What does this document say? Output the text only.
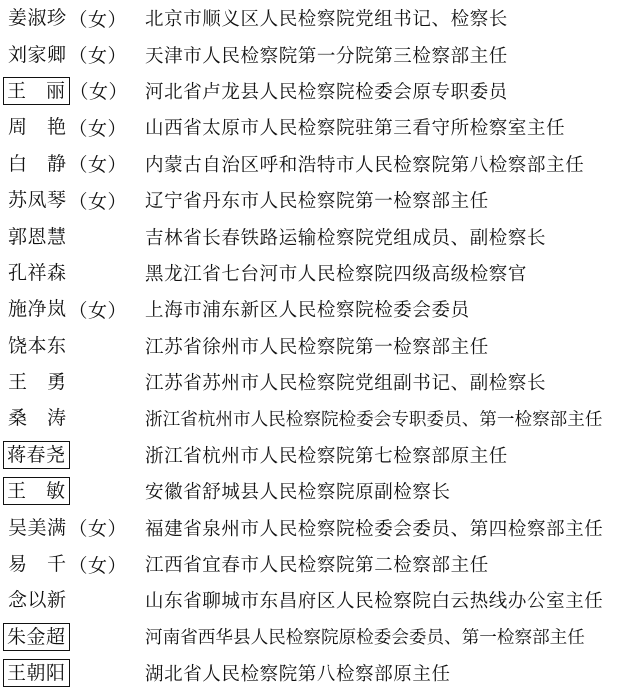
姜淑珍 （女） 北京市顺义区人民检察院党组书记、检察长
刘家卿 （女） 天津市人民检察院第一分院第三检察部主任
王　丽 （女） 河北省卢龙县人民检察院检委会原专职委员
周　艳 （女） 山西省太原市人民检察院驻第三看守所检察室主任
白　静 （女） 内蒙古自治区呼和浩特市人民检察院第八检察部主任
苏凤琴 （女） 辽宁省丹东市人民检察院第一检察部主任
郭恩慧	吉林省长春铁路运输检察院党组成员、副检察长
孔祥森	黑龙江省七台河市人民检察院四级高级检察官
施净岚 （女） 上海市浦东新区人民检察院检委会委员
饶本东	江苏省徐州市人民检察院第一检察部主任
王　勇	江苏省苏州市人民检察院党组副书记、副检察长
桑　涛	浙江省杭州市人民检察院检委会专职委员、第一检察部主任
蒋春尧	浙江省杭州市人民检察院第七检察部原主任
王　敏	安徽省舒城县人民检察院原副检察长
吴美满 （女） 福建省泉州市人民检察院检委会委员、第四检察部主任
易　千 （女） 江西省宜春市人民检察院第二检察部主任
念以新	山东省聊城市东昌府区人民检察院白云热线办公室主任
朱金超	河南省西华县人民检察院原检委会委员、第一检察部主任
王朝阳	湖北省人民检察院第八检察部原主任
